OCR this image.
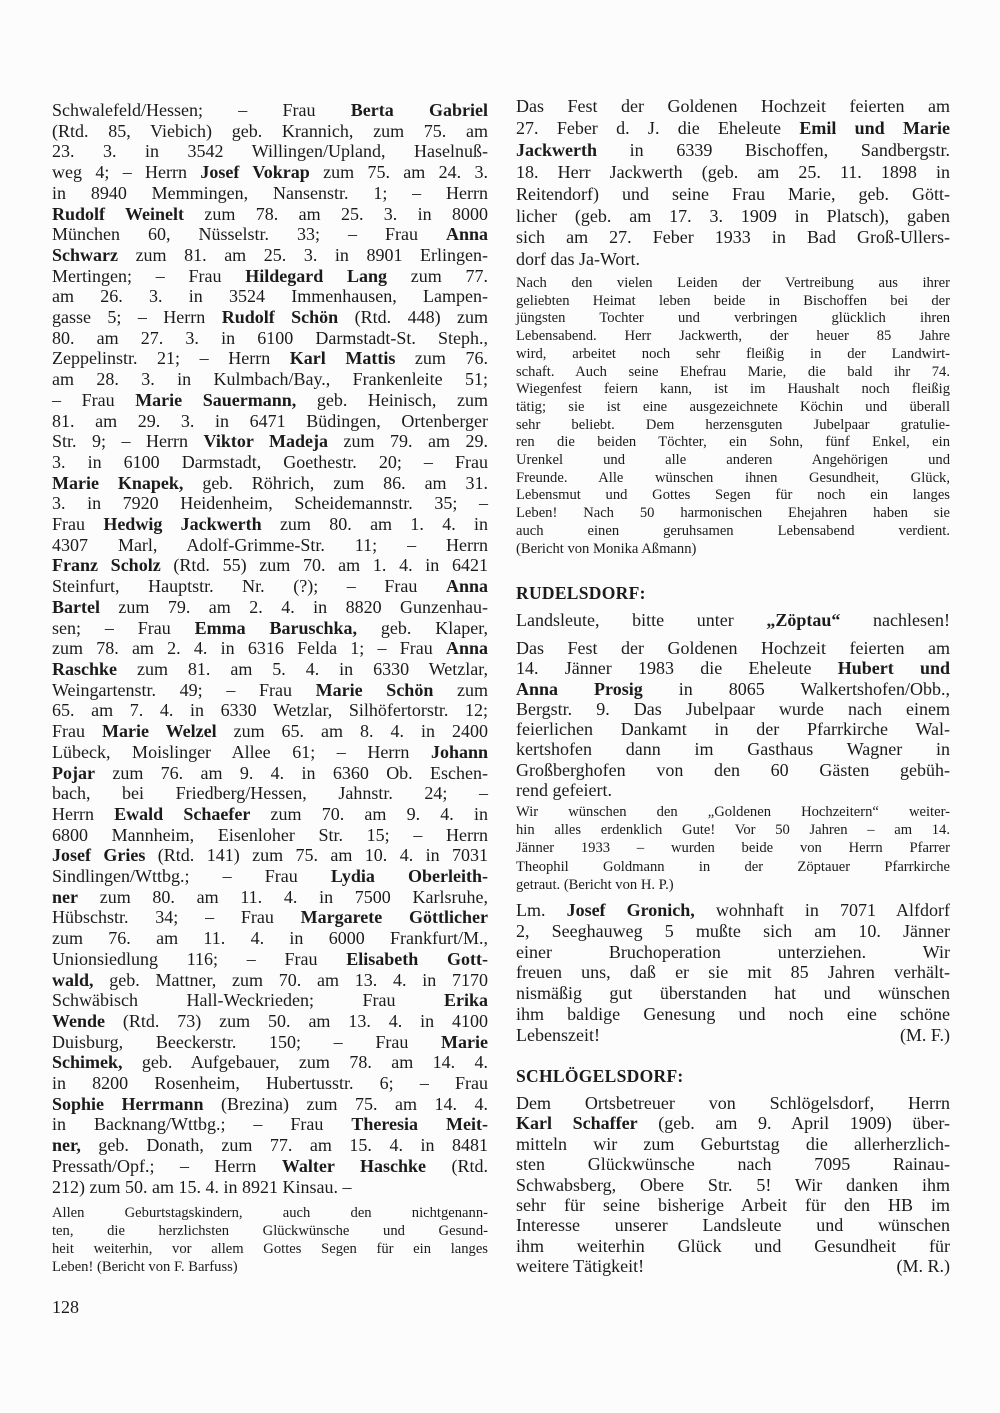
Schwalefeld/Hessen; – Frau Berta Gabriel
(Rtd. 85, Viebich) geb. Krannich, zum 75. am
23. 3. in 3542 Willingen/Upland, Haselnuß-
weg 4; – Herrn Josef Vokrap zum 75. am 24. 3.
in 8940 Memmingen, Nansenstr. 1; – Herrn
Rudolf Weinelt zum 78. am 25. 3. in 8000
München 60, Nüsselstr. 33; – Frau Anna
Schwarz zum 81. am 25. 3. in 8901 Erlingen-
Mertingen; – Frau Hildegard Lang zum 77.
am 26. 3. in 3524 Immenhausen, Lampen-
gasse 5; – Herrn Rudolf Schön (Rtd. 448) zum
80. am 27. 3. in 6100 Darmstadt-St. Steph.,
Zeppelinstr. 21; – Herrn Karl Mattis zum 76.
am 28. 3. in Kulmbach/Bay., Frankenleite 51;
– Frau Marie Sauermann, geb. Heinisch, zum
81. am 29. 3. in 6471 Büdingen, Ortenberger
Str. 9; – Herrn Viktor Madeja zum 79. am 29.
3. in 6100 Darmstadt, Goethestr. 20; – Frau
Marie Knapek, geb. Röhrich, zum 86. am 31.
3. in 7920 Heidenheim, Scheidemannstr. 35; –
Frau Hedwig Jackwerth zum 80. am 1. 4. in
4307 Marl, Adolf-Grimme-Str. 11; – Herrn
Franz Scholz (Rtd. 55) zum 70. am 1. 4. in 6421
Steinfurt, Hauptstr. Nr. (?); – Frau Anna
Bartel zum 79. am 2. 4. in 8820 Gunzenhau-
sen; – Frau Emma Baruschka, geb. Klaper,
zum 78. am 2. 4. in 6316 Felda 1; – Frau Anna
Raschke zum 81. am 5. 4. in 6330 Wetzlar,
Weingartenstr. 49; – Frau Marie Schön zum
65. am 7. 4. in 6330 Wetzlar, Silhöfertorstr. 12;
Frau Marie Welzel zum 65. am 8. 4. in 2400
Lübeck, Moislinger Allee 61; – Herrn Johann
Pojar zum 76. am 9. 4. in 6360 Ob. Eschen-
bach, bei Friedberg/Hessen, Jahnstr. 24; –
Herrn Ewald Schaefer zum 70. am 9. 4. in
6800 Mannheim, Eisenloher Str. 15; – Herrn
Josef Gries (Rtd. 141) zum 75. am 10. 4. in 7031
Sindlingen/Wttbg.; – Frau Lydia Oberleith-
ner zum 80. am 11. 4. in 7500 Karlsruhe,
Hübschstr. 34; – Frau Margarete Göttlicher
zum 76. am 11. 4. in 6000 Frankfurt/M.,
Unionsiedlung 116; – Frau Elisabeth Gott-
wald, geb. Mattner, zum 70. am 13. 4. in 7170
Schwäbisch Hall-Weckrieden; Frau Erika
Wende (Rtd. 73) zum 50. am 13. 4. in 4100
Duisburg, Beeckerstr. 150; – Frau Marie
Schimek, geb. Aufgebauer, zum 78. am 14. 4.
in 8200 Rosenheim, Hubertusstr. 6; – Frau
Sophie Herrmann (Brezina) zum 75. am 14. 4.
in Backnang/Wttbg.; – Frau Theresia Meit-
ner, geb. Donath, zum 77. am 15. 4. in 8481
Pressath/Opf.; – Herrn Walter Haschke (Rtd.
212) zum 50. am 15. 4. in 8921 Kinsau. –
Allen Geburtstagskindern, auch den nichtgenann-
ten, die herzlichsten Glückwünsche und Gesund-
heit weiterhin, vor allem Gottes Segen für ein langes
Leben! (Bericht von F. Barfuss)
128
Das Fest der Goldenen Hochzeit feierten am
27. Feber d. J. die Eheleute Emil und Marie
Jackwerth in 6339 Bischoffen, Sandbergstr.
18. Herr Jackwerth (geb. am 25. 11. 1898 in
Reitendorf) und seine Frau Marie, geb. Gött-
licher (geb. am 17. 3. 1909 in Platsch), gaben
sich am 27. Feber 1933 in Bad Groß-Ullers-
dorf das Ja-Wort.
Nach den vielen Leiden der Vertreibung aus ihrer
geliebten Heimat leben beide in Bischoffen bei der
jüngsten Tochter und verbringen glücklich ihren
Lebensabend. Herr Jackwerth, der heuer 85 Jahre
wird, arbeitet noch sehr fleißig in der Landwirt-
schaft. Auch seine Ehefrau Marie, die bald ihr 74.
Wiegenfest feiern kann, ist im Haushalt noch fleißig
tätig; sie ist eine ausgezeichnete Köchin und überall
sehr beliebt. Dem herzensguten Jubelpaar gratulie-
ren die beiden Töchter, ein Sohn, fünf Enkel, ein
Urenkel und alle anderen Angehörigen und
Freunde. Alle wünschen ihnen Gesundheit, Glück,
Lebensmut und Gottes Segen für noch ein langes
Leben! Nach 50 harmonischen Ehejahren haben sie
auch einen geruhsamen Lebensabend verdient.
(Bericht von Monika Aßmann)
RUDELSDORF:
Landsleute, bitte unter „Zöptau“ nachlesen!
Das Fest der Goldenen Hochzeit feierten am
14. Jänner 1983 die Eheleute Hubert und
Anna Prosig in 8065 Walkertshofen/Obb.,
Bergstr. 9. Das Jubelpaar wurde nach einem
feierlichen Dankamt in der Pfarrkirche Wal-
kertshofen dann im Gasthaus Wagner in
Großberghofen von den 60 Gästen gebüh-
rend gefeiert.
Wir wünschen den „Goldenen Hochzeitern“ weiter-
hin alles erdenklich Gute! Vor 50 Jahren – am 14.
Jänner 1933 – wurden beide von Herrn Pfarrer
Theophil Goldmann in der Zöptauer Pfarrkirche
getraut. (Bericht von H. P.)
Lm. Josef Gronich, wohnhaft in 7071 Alfdorf
2, Seeghauweg 5 mußte sich am 10. Jänner
einer Bruchoperation unterziehen. Wir
freuen uns, daß er sie mit 85 Jahren verhält-
nismäßig gut überstanden hat und wünschen
ihm baldige Genesung und noch eine schöne
(M. F.)
Lebenszeit!
SCHLÖGELSDORF:
Dem Ortsbetreuer von Schlögelsdorf, Herrn
Karl Schaffer (geb. am 9. April 1909) über-
mitteln wir zum Geburtstag die allerherzlich-
sten Glückwünsche nach 7095 Rainau-
Schwabsberg, Obere Str. 5! Wir danken ihm
sehr für seine bisherige Arbeit für den HB im
Interesse unserer Landsleute und wünschen
ihm weiterhin Glück und Gesundheit für
(M. R.)
weitere Tätigkeit!
